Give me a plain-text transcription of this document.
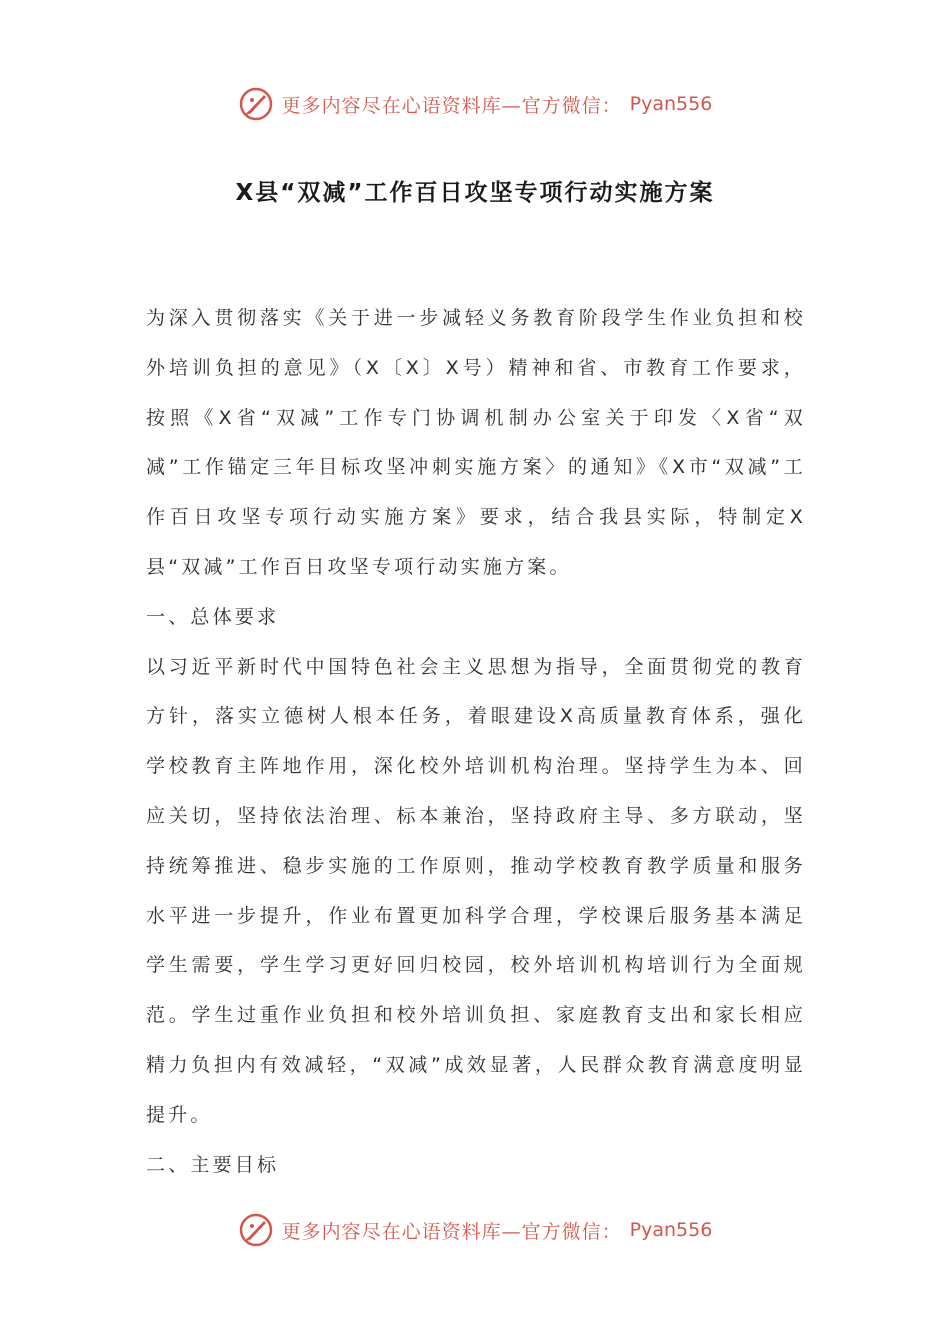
更多内容尽在心语资料库—官方微信： Pyan556
X县“双减”工作百日攻坚专项行动实施方案

为深入贯彻落实《关于进一步减轻义务教育阶段学生作业负担和校外培训负担的意见》（X〔X〕X号）精神和省、市教育工作要求，按照《X省“双减”工作专门协调机制办公室关于印发〈X省“双减”工作锚定三年目标攻坚冲刺实施方案〉的通知》《X市“双减”工作百日攻坚专项行动实施方案》要求，结合我县实际，特制定X县“双减”工作百日攻坚专项行动实施方案。

一、总体要求

以习近平新时代中国特色社会主义思想为指导，全面贯彻党的教育方针，落实立德树人根本任务，着眼建设X高质量教育体系，强化学校教育主阵地作用，深化校外培训机构治理。坚持学生为本、回应关切，坚持依法治理、标本兼治，坚持政府主导、多方联动，坚持统筹推进、稳步实施的工作原则，推动学校教育教学质量和服务水平进一步提升，作业布置更加科学合理，学校课后服务基本满足学生需要，学生学习更好回归校园，校外培训机构培训行为全面规范。学生过重作业负担和校外培训负担、家庭教育支出和家长相应精力负担内有效减轻，“双减”成效显著，人民群众教育满意度明显提升。

二、主要目标

更多内容尽在心语资料库—官方微信： Pyan556
